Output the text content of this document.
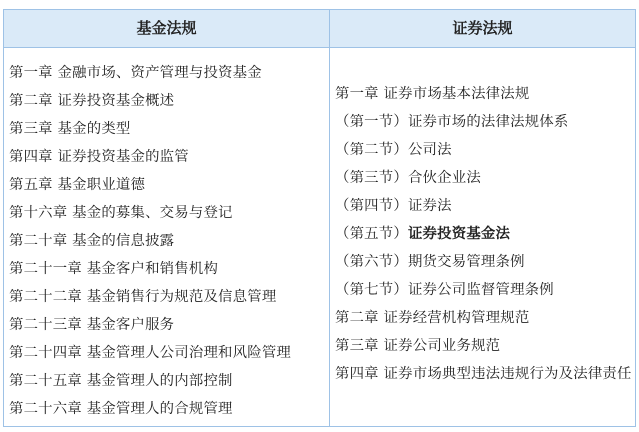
基金法规	证券法规
第一章 金融市场、资产管理与投资基金
第二章 证券投资基金概述
第三章 基金的类型
第四章 证券投资基金的监管
第五章 基金职业道德
第十六章 基金的募集、交易与登记
第二十章 基金的信息披露
第二十一章 基金客户和销售机构
第二十二章 基金销售行为规范及信息管理
第二十三章 基金客户服务
第二十四章 基金管理人公司治理和风险管理
第二十五章 基金管理人的内部控制
第二十六章 基金管理人的合规管理
第一章 证券市场基本法律法规
（第一节）证券市场的法律法规体系
（第二节）公司法
（第三节）合伙企业法
（第四节）证券法
（第五节）证券投资基金法
（第六节）期货交易管理条例
（第七节）证券公司监督管理条例
第二章 证券经营机构管理规范
第三章 证券公司业务规范
第四章 证券市场典型违法违规行为及法律责任
